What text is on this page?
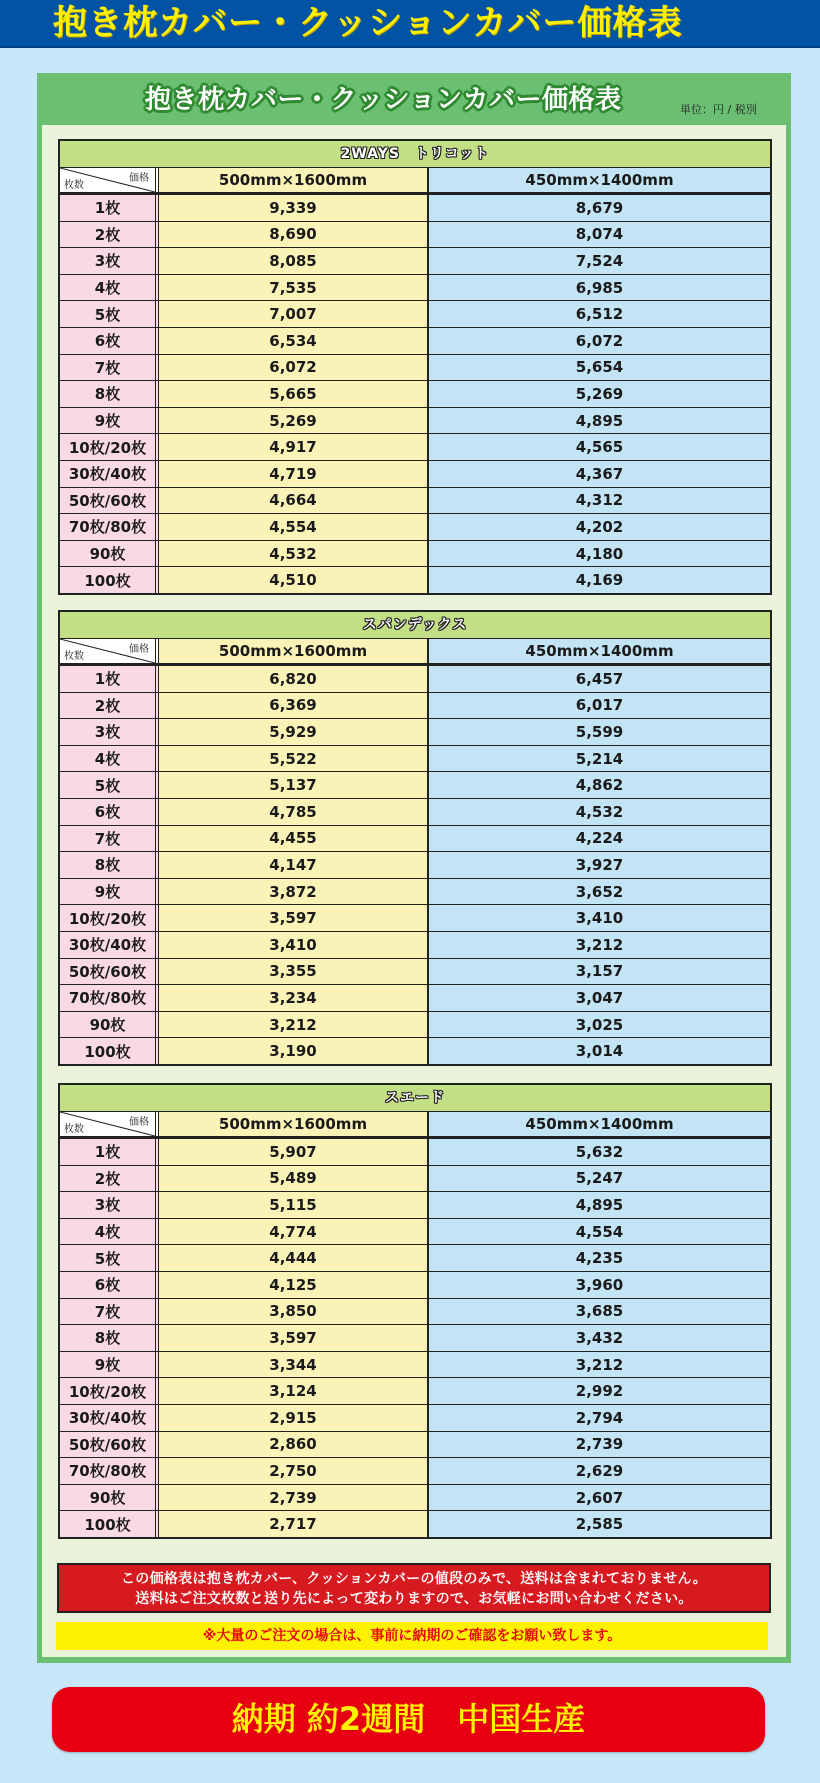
抱き枕カバー・クッションカバー価格表
抱き枕カバー・クッションカバー価格表	単位：円 / 税別
2WAYS　トリコット
価格
枚数	500mm×1600mm	450mm×1400mm
1枚	9,339	8,679
2枚	8,690	8,074
3枚	8,085	7,524
4枚	7,535	6,985
5枚	7,007	6,512
6枚	6,534	6,072
7枚	6,072	5,654
8枚	5,665	5,269
9枚	5,269	4,895
10枚/20枚	4,917	4,565
30枚/40枚	4,719	4,367
50枚/60枚	4,664	4,312
70枚/80枚	4,554	4,202
90枚	4,532	4,180
100枚	4,510	4,169
スパンデックス
価格
枚数	500mm×1600mm	450mm×1400mm
1枚	6,820	6,457
2枚	6,369	6,017
3枚	5,929	5,599
4枚	5,522	5,214
5枚	5,137	4,862
6枚	4,785	4,532
7枚	4,455	4,224
8枚	4,147	3,927
9枚	3,872	3,652
10枚/20枚	3,597	3,410
30枚/40枚	3,410	3,212
50枚/60枚	3,355	3,157
70枚/80枚	3,234	3,047
90枚	3,212	3,025
100枚	3,190	3,014
スエード
価格
枚数	500mm×1600mm	450mm×1400mm
1枚	5,907	5,632
2枚	5,489	5,247
3枚	5,115	4,895
4枚	4,774	4,554
5枚	4,444	4,235
6枚	4,125	3,960
7枚	3,850	3,685
8枚	3,597	3,432
9枚	3,344	3,212
10枚/20枚	3,124	2,992
30枚/40枚	2,915	2,794
50枚/60枚	2,860	2,739
70枚/80枚	2,750	2,629
90枚	2,739	2,607
100枚	2,717	2,585
この価格表は抱き枕カバー、クッションカバーの値段のみで、送料は含まれておりません。
送料はご注文枚数と送り先によって変わりますので、お気軽にお問い合わせください。
※大量のご注文の場合は、事前に納期のご確認をお願い致します。
納期 約2週間　中国生産
